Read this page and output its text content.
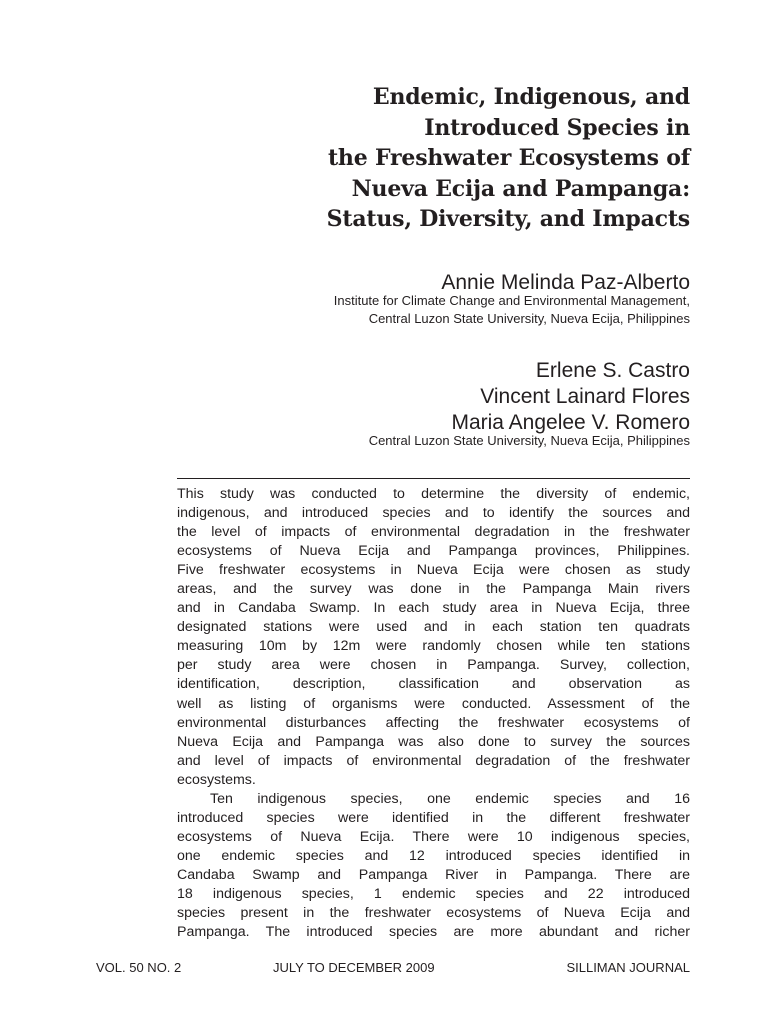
Endemic, Indigenous, and
Introduced Species in
the Freshwater Ecosystems of
Nueva Ecija and Pampanga:
Status, Diversity, and Impacts
Annie Melinda Paz-Alberto
Institute for Climate Change and Environmental Management,
Central Luzon State University, Nueva Ecija, Philippines
Erlene S. Castro
Vincent Lainard Flores
Maria Angelee V. Romero
Central Luzon State University, Nueva Ecija, Philippines
This study was conducted to determine the diversity of endemic,
indigenous, and introduced species and to identify the sources and
the level of impacts of environmental degradation in the freshwater
ecosystems of Nueva Ecija and Pampanga provinces, Philippines.
Five freshwater ecosystems in Nueva Ecija were chosen as study
areas, and the survey was done in the Pampanga Main rivers
and in Candaba Swamp. In each study area in Nueva Ecija, three
designated stations were used and in each station ten quadrats
measuring 10m by 12m were randomly chosen while ten stations
per study area were chosen in Pampanga. Survey, collection,
identification, description, classification and observation as
well as listing of organisms were conducted. Assessment of the
environmental disturbances affecting the freshwater ecosystems of
Nueva Ecija and Pampanga was also done to survey the sources
and level of impacts of environmental degradation of the freshwater
ecosystems.
Ten indigenous species, one endemic species and 16
introduced species were identified in the different freshwater
ecosystems of Nueva Ecija. There were 10 indigenous species,
one endemic species and 12 introduced species identified in
Candaba Swamp and Pampanga River in Pampanga. There are
18 indigenous species, 1 endemic species and 22 introduced
species present in the freshwater ecosystems of Nueva Ecija and
Pampanga. The introduced species are more abundant and richer
VOL. 50 NO. 2	JULY TO DECEMBER 2009	SILLIMAN JOURNAL
